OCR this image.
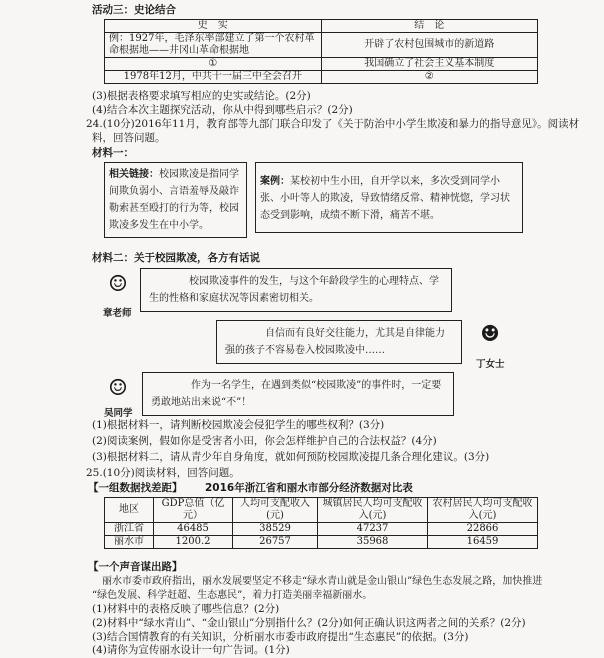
活动三：史论结合
史　实	结　论
例：1927年，毛泽东率部建立了第一个农村革命根据地——井冈山革命根据地	开辟了农村包围城市的新道路
①	我国确立了社会主义基本制度
1978年12月，中共十一届三中全会召开	②
(3)根据表格要求填写相应的史实或结论。(2分)
(4)结合本次主题探究活动，你从中得到哪些启示？(2分)
24.(10分)2016年11月，教育部等九部门联合印发了《关于防治中小学生欺凌和暴力的指导意见》。阅读材
料，回答问题。
材料一：
相关链接：校园欺凌是指同学间欺负弱小、言语羞辱及敲诈勒索甚至殴打的行为等，校园欺凌多发生在中小学。
案例：某校初中生小田，自开学以来，多次受到同学小张、小叶等人的欺凌，导致情绪反常、精神恍惚，学习状态受到影响，成绩不断下滑，痛苦不堪。
材料二：关于校园欺凌，各方有话说
☺
章老师
校园欺凌事件的发生，与这个年龄段学生的心理特点、学生的性格和家庭状况等因素密切相关。
自信而有良好交往能力，尤其是自律能力强的孩子不容易卷入校园欺凌中……
☻
丁女士
☺
吴同学
作为一名学生，在遇到类似“校园欺凌”的事件时，一定要勇敢地站出来说“不”！
(1)根据材料一，请判断校园欺凌会侵犯学生的哪些权利？(3分)
(2)阅读案例，假如你是受害者小田，你会怎样维护自己的合法权益？(4分)
(3)根据材料二，请从青少年自身角度，就如何预防校园欺凌提几条合理化建议。(3分)
25.(10分)阅读材料，回答问题。
【一组数据找差距】 2016年浙江省和丽水市部分经济数据对比表
地区	GDP总值（亿元）	人均可支配收入(元)	城镇居民人均可支配收入(元)	农村居民人均可支配收入(元)
浙江省	46485	38529	47237	22866
丽水市	1200.2	26757	35968	16459
【一个声音谋出路】
丽水市委市政府指出，丽水发展要坚定不移走“绿水青山就是金山银山”绿色生态发展之路，加快推进
“绿色发展、科学赶超、生态惠民”，着力打造美丽幸福新丽水。
(1)材料中的表格反映了哪些信息？(2分)
(2)材料中“绿水青山”、“金山银山”分别指什么？(2分)如何正确认识这两者之间的关系？(2分)
(3)结合国情教育的有关知识，分析丽水市委市政府提出“生态惠民”的依据。(3分)
(4)请你为宣传丽水设计一句广告词。(1分)
